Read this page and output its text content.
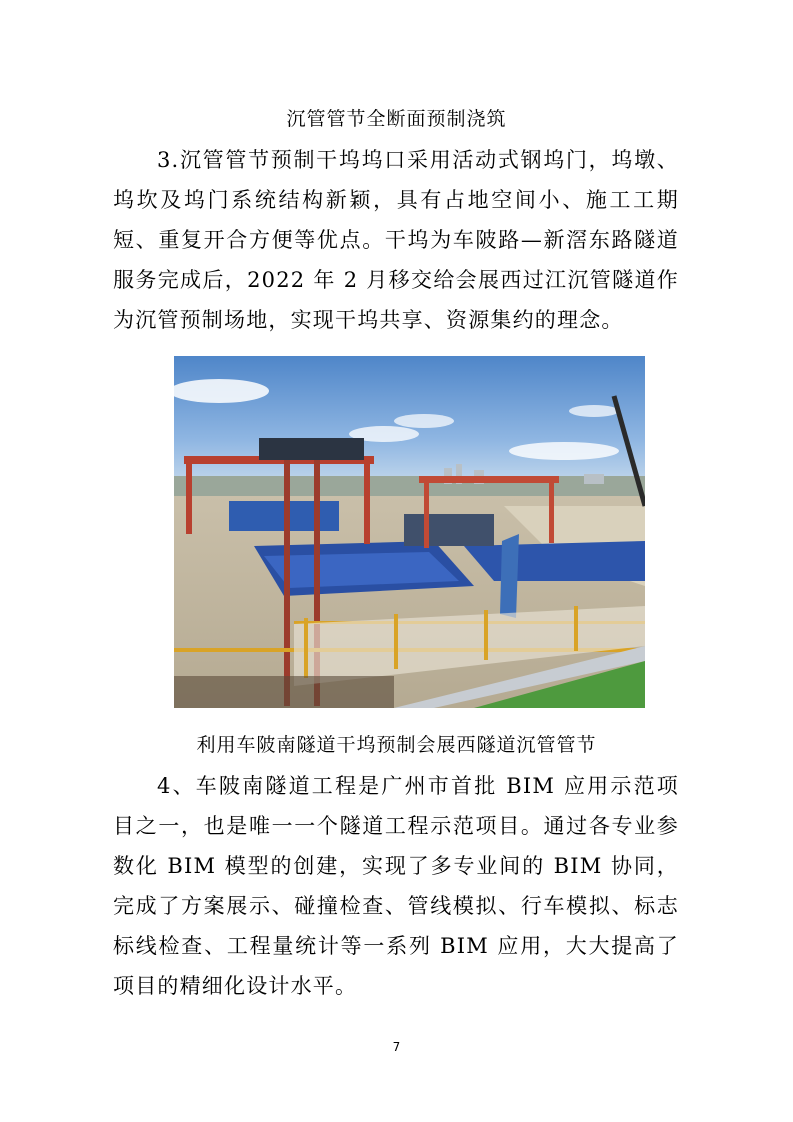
沉管管节全断面预制浇筑
3.沉管管节预制干坞坞口采用活动式钢坞门，坞墩、坞坎及坞门系统结构新颖，具有占地空间小、施工工期短、重复开合方便等优点。干坞为车陂路—新滘东路隧道服务完成后，2022 年 2 月移交给会展西过江沉管隧道作为沉管预制场地，实现干坞共享、资源集约的理念。
利用车陂南隧道干坞预制会展西隧道沉管管节
4、车陂南隧道工程是广州市首批 BIM 应用示范项目之一，也是唯一一个隧道工程示范项目。通过各专业参数化 BIM 模型的创建，实现了多专业间的 BIM 协同，完成了方案展示、碰撞检查、管线模拟、行车模拟、标志标线检查、工程量统计等一系列 BIM 应用，大大提高了项目的精细化设计水平。
7
